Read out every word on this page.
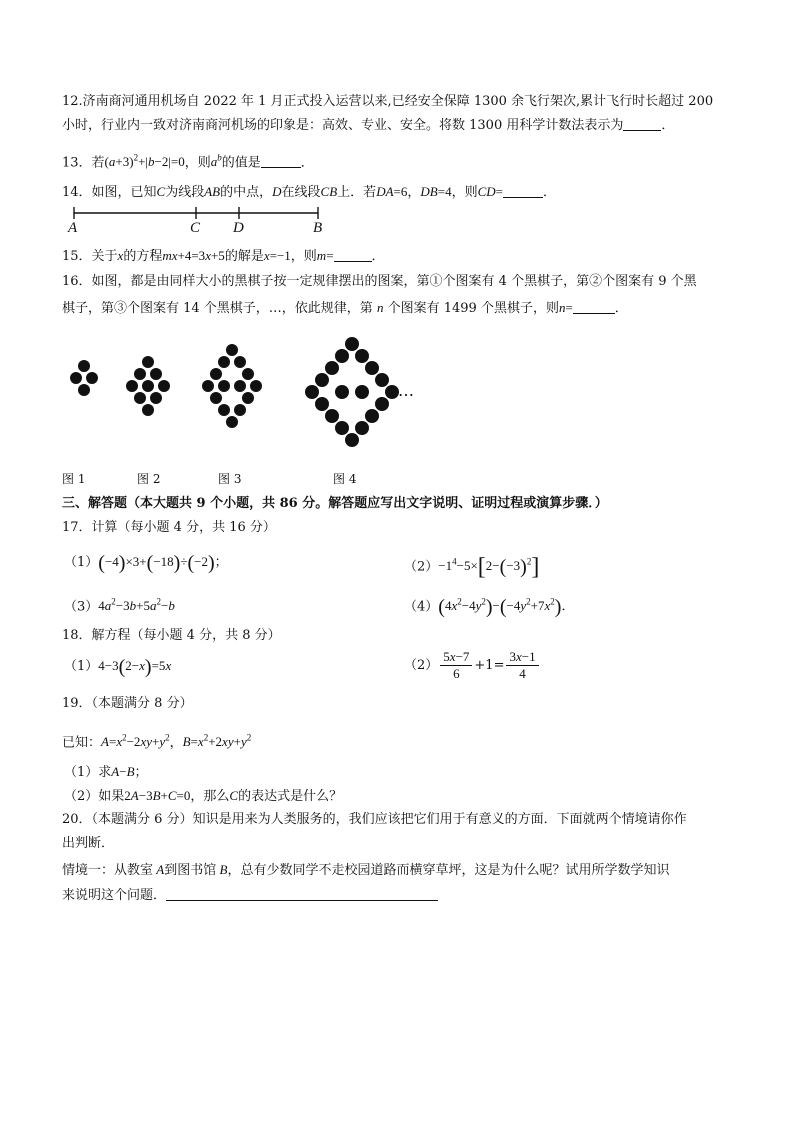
12.济南商河通用机场自 2022 年 1 月正式投入运营以来,已经安全保障 1300 余飞行架次,累计飞行时长超过 200
小时，行业内一致对济南商河机场的印象是：高效、专业、安全。将数 1300 用科学计数法表示为	．
13．若$(a+3)^2+|b-2|=0$，则$a^b$的值是	．
14．如图，已知C为线段AB的中点，D在线段CB上．若DA=6，DB=4，则CD=	．
A	C D	B
15．关于x的方程mx+4=3x+5的解是x=−1，则m=	．
16．如图，都是由同样大小的黑棋子按一定规律摆出的图案，第①个图案有 4 个黑棋子，第②个图案有 9 个黑
棋子，第③个图案有 14 个黑棋子，…，依此规律，第 n 个图案有 1499 个黑棋子，则n=	．
…
图 1	图 2	图 3	图 4
三、解答题（本大题共 9 个小题，共 86 分。解答题应写出文字说明、证明过程或演算步骤．）
17．计算（每小题 4 分，共 16 分）
（1）(−4)×3+(−18)÷(−2)；	$(2)-1^4-5\times[2-(-3)^2]$
$(3)4a^2-3b+5a^2-b$	$(4)(4x^2-4y^2)-(-4y^2+7x^2)$．
18．解方程（每小题 4 分，共 8 分）
（1）4−3(2−x)=5x	$(2) \frac{5x-7}{6} +1= \frac{3x-1}{4}$
19．（本题满分 8 分）
已知：$A=x^2-2xy+y^2$，$B=x^2+2xy+y^2$
（1）求A−B；
（2）如果2A−3B+C=0，那么C的表达式是什么？
20．（本题满分 6 分）知识是用来为人类服务的，我们应该把它们用于有意义的方面．下面就两个情境请你作
出判断．
情境一：从教室 A到图书馆 B，总有少数同学不走校园道路而横穿草坪，这是为什么呢？试用所学数学知识
来说明这个问题．
